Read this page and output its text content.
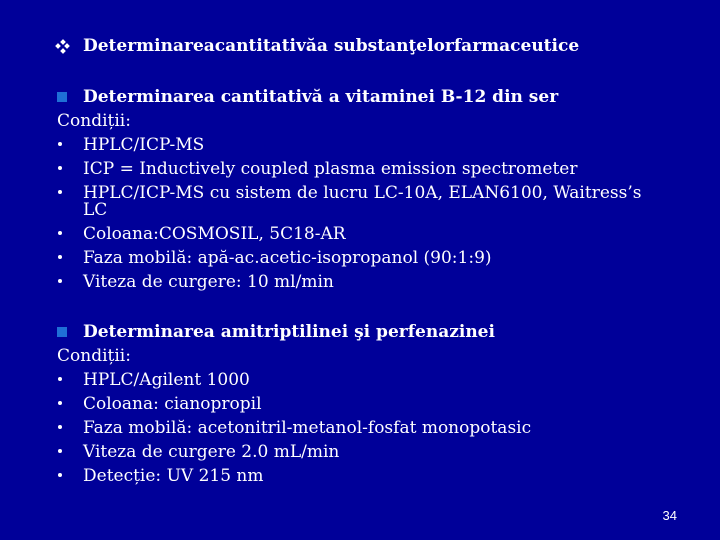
Determinareacantitativăa substanţelorfarmaceutice
Determinarea cantitativă a vitaminei B-12 din ser
Condiții:
HPLC/ICP-MS
ICP = Inductively coupled plasma emission spectrometer
HPLC/ICP-MS cu sistem de lucru LC-10A, ELAN6100, Waitress’s LC
Coloana:COSMOSIL, 5C18-AR
Faza mobilă: apă-ac.acetic-isopropanol (90:1:9)
Viteza de curgere: 10 ml/min
Determinarea amitriptilinei şi perfenazinei
Condiții:
HPLC/Agilent 1000
Coloana: cianopropil
Faza mobilă: acetonitril-metanol-fosfat monopotasic
Viteza de curgere 2.0 mL/min
Detecție: UV 215 nm
34
